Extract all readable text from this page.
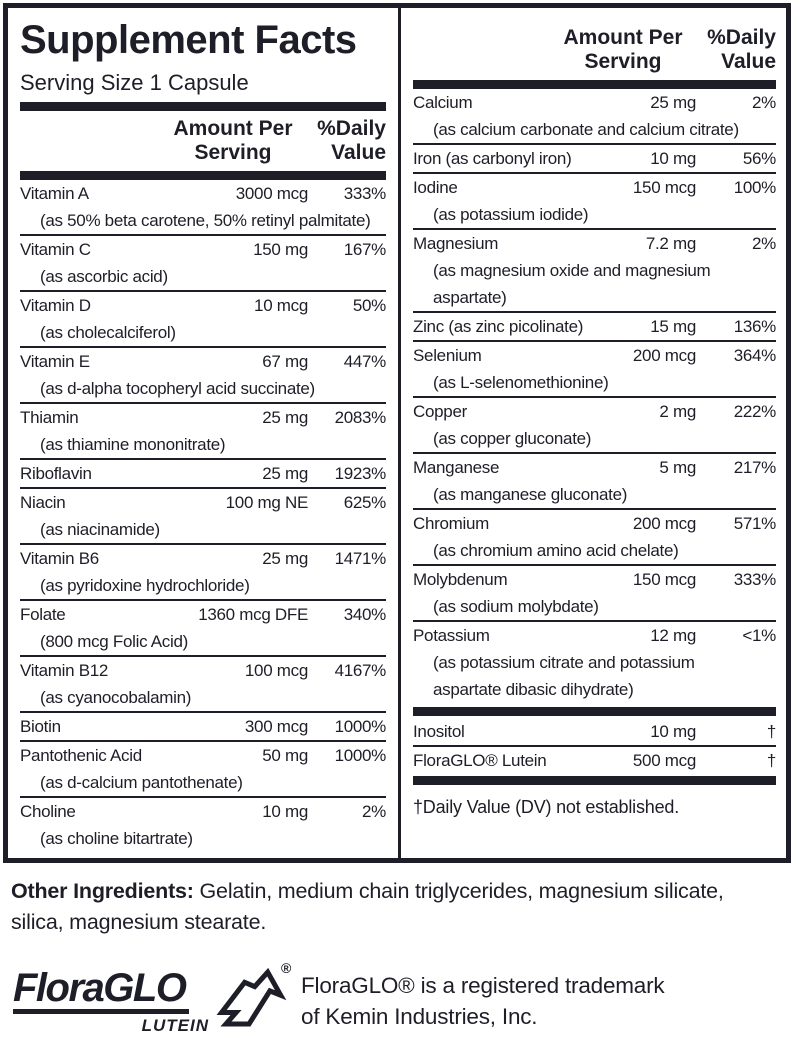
Supplement Facts
Serving Size 1 Capsule
Amount Per Serving
%Daily Value
Vitamin A	3000 mcg	333%
(as 50% beta carotene, 50% retinyl palmitate)
Vitamin C	150 mg	167%
(as ascorbic acid)
Vitamin D	10 mcg	50%
(as cholecalciferol)
Vitamin E	67 mg	447%
(as d-alpha tocopheryl acid succinate)
Thiamin	25 mg	2083%
(as thiamine mononitrate)
Riboflavin	25 mg	1923%
Niacin	100 mg NE	625%
(as niacinamide)
Vitamin B6	25 mg	1471%
(as pyridoxine hydrochloride)
Folate	1360 mcg DFE	340%
(800 mcg Folic Acid)
Vitamin B12	100 mcg	4167%
(as cyanocobalamin)
Biotin	300 mcg	1000%
Pantothenic Acid	50 mg	1000%
(as d-calcium pantothenate)
Choline	10 mg	2%
(as choline bitartrate)
Amount Per Serving
%Daily Value
Calcium	25 mg	2%
(as calcium carbonate and calcium citrate)
Iron (as carbonyl iron)	10 mg	56%
Iodine	150 mcg	100%
(as potassium iodide)
Magnesium	7.2 mg	2%
(as magnesium oxide and magnesium
aspartate)
Zinc (as zinc picolinate)	15 mg	136%
Selenium	200 mcg	364%
(as L-selenomethionine)
Copper	2 mg	222%
(as copper gluconate)
Manganese	5 mg	217%
(as manganese gluconate)
Chromium	200 mcg	571%
(as chromium amino acid chelate)
Molybdenum	150 mcg	333%
(as sodium molybdate)
Potassium	12 mg	<1%
(as potassium citrate and potassium
aspartate dibasic dihydrate)
Inositol	10 mg	†
FloraGLO® Lutein	500 mcg	†
†Daily Value (DV) not established.
Other Ingredients: Gelatin, medium chain triglycerides, magnesium silicate, silica, magnesium stearate.
FloraGLO
LUTEIN
®
FloraGLO® is a registered trademark
of Kemin Industries, Inc.
